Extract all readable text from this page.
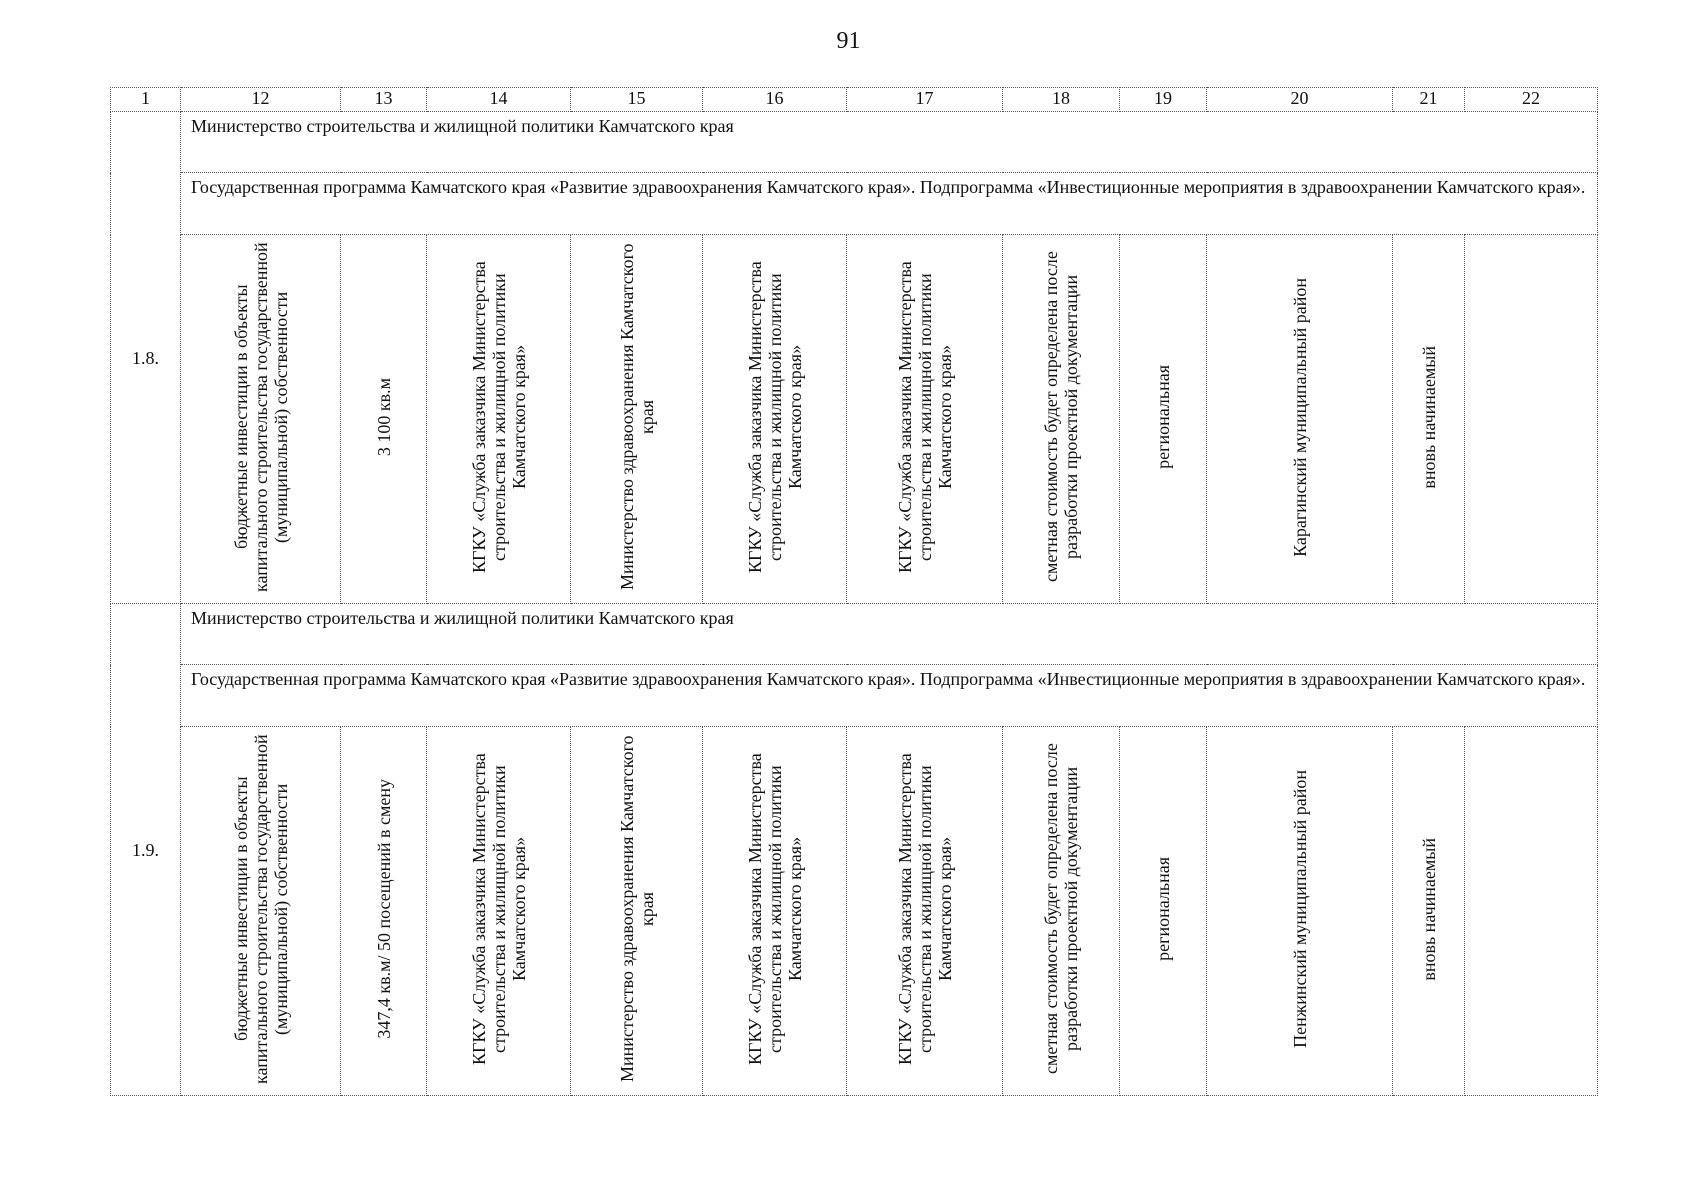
91
1	12	13	14	15	16	17	18	19	20	21	22
1.8.	Министерство строительства и жилищной политики Камчатского края										
	Государственная программа Камчатского края «Развитие здравоохранения Камчатского края». Подпрограмма «Инвестиционные мероприятия в здравоохранении Камчатского края».										
	бюджетные инвестиции в объекты капитального строительства государственной (муниципальной) собственности	3 100 кв.м	КГКУ «Служба заказчика Министерства строительства и жилищной политики Камчатского края»	Министерство здравоохранения Камчатского края	КГКУ «Служба заказчика Министерства строительства и жилищной политики Камчатского края»	КГКУ «Служба заказчика Министерства строительства и жилищной политики Камчатского края»	сметная стоимость будет определена после разработки проектной документации	региональная	Карагинский муниципальный район	вновь начинаемый	
1.9.	Министерство строительства и жилищной политики Камчатского края										
	Государственная программа Камчатского края «Развитие здравоохранения Камчатского края». Подпрограмма «Инвестиционные мероприятия в здравоохранении Камчатского края».										
	бюджетные инвестиции в объекты капитального строительства государственной (муниципальной) собственности	347,4 кв.м/ 50 посещений в смену	КГКУ «Служба заказчика Министерства строительства и жилищной политики Камчатского края»	Министерство здравоохранения Камчатского края	КГКУ «Служба заказчика Министерства строительства и жилищной политики Камчатского края»	КГКУ «Служба заказчика Министерства строительства и жилищной политики Камчатского края»	сметная стоимость будет определена после разработки проектной документации	региональная	Пенжинский муниципальный район	вновь начинаемый	
